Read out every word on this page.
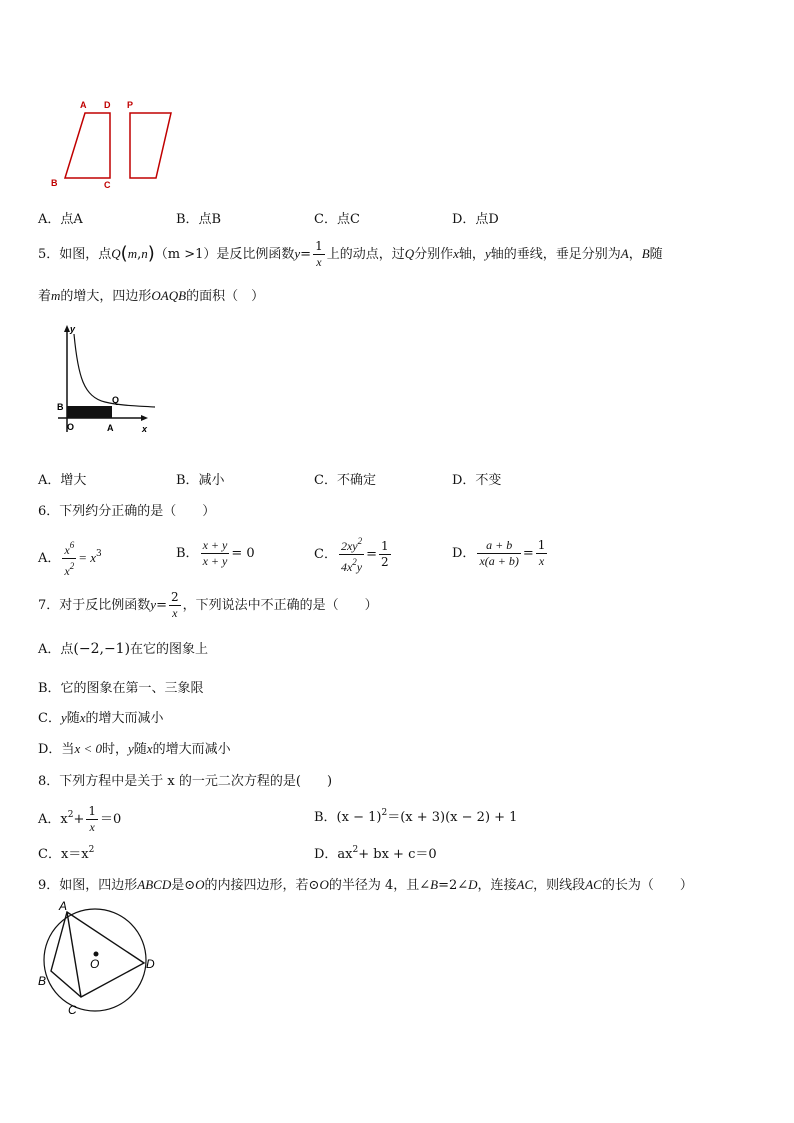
A D P
B	C
A．点A	B．点B	C．点C	D．点D
5．如图，点Q(m,n)（m >1）是反比例函数$y= \frac{1}{x}$ 上的动点，过Q分别作x轴，y轴的垂线，垂足分别为A，B随
着m的增大，四边形OAQB的面积（　）
y
Q
B
O	A	x
A．增大	B．减小	C．不确定	D．不变
6．下列约分正确的是（　　）
A． $\frac{x^6}{x^2} = x^3$	B． $\frac{x + y}{x + y} = 0$	C． $\frac{2xy^2}{4x^2y} = \frac{1}{2}$	D． $\frac{a + b}{x(a + b)} = \frac{1}{x}$
7．对于反比例函数$y= \frac{2}{x}$ ，下列说法中不正确的是（　　）
A．点(−2,−1)在它的图象上
B．它的图象在第一、三象限
C．y随x的增大而减小
D．当x < 0时，y随x的增大而减小
8．下列方程中是关于 x 的一元二次方程的是(　　)
A．$x^2+ \frac{1}{x} =0$	B．$(x - 1)^2=(x + 3)(x - 2) + 1$
C．$x=x^2$	D．$ax^2+$ bx + c＝0
9．如图，四边形ABCD是⊙O的内接四边形，若⊙O的半径为 4，且∠B=2∠D，连接AC，则线段AC的长为（　　）
A
B
C
D
O
